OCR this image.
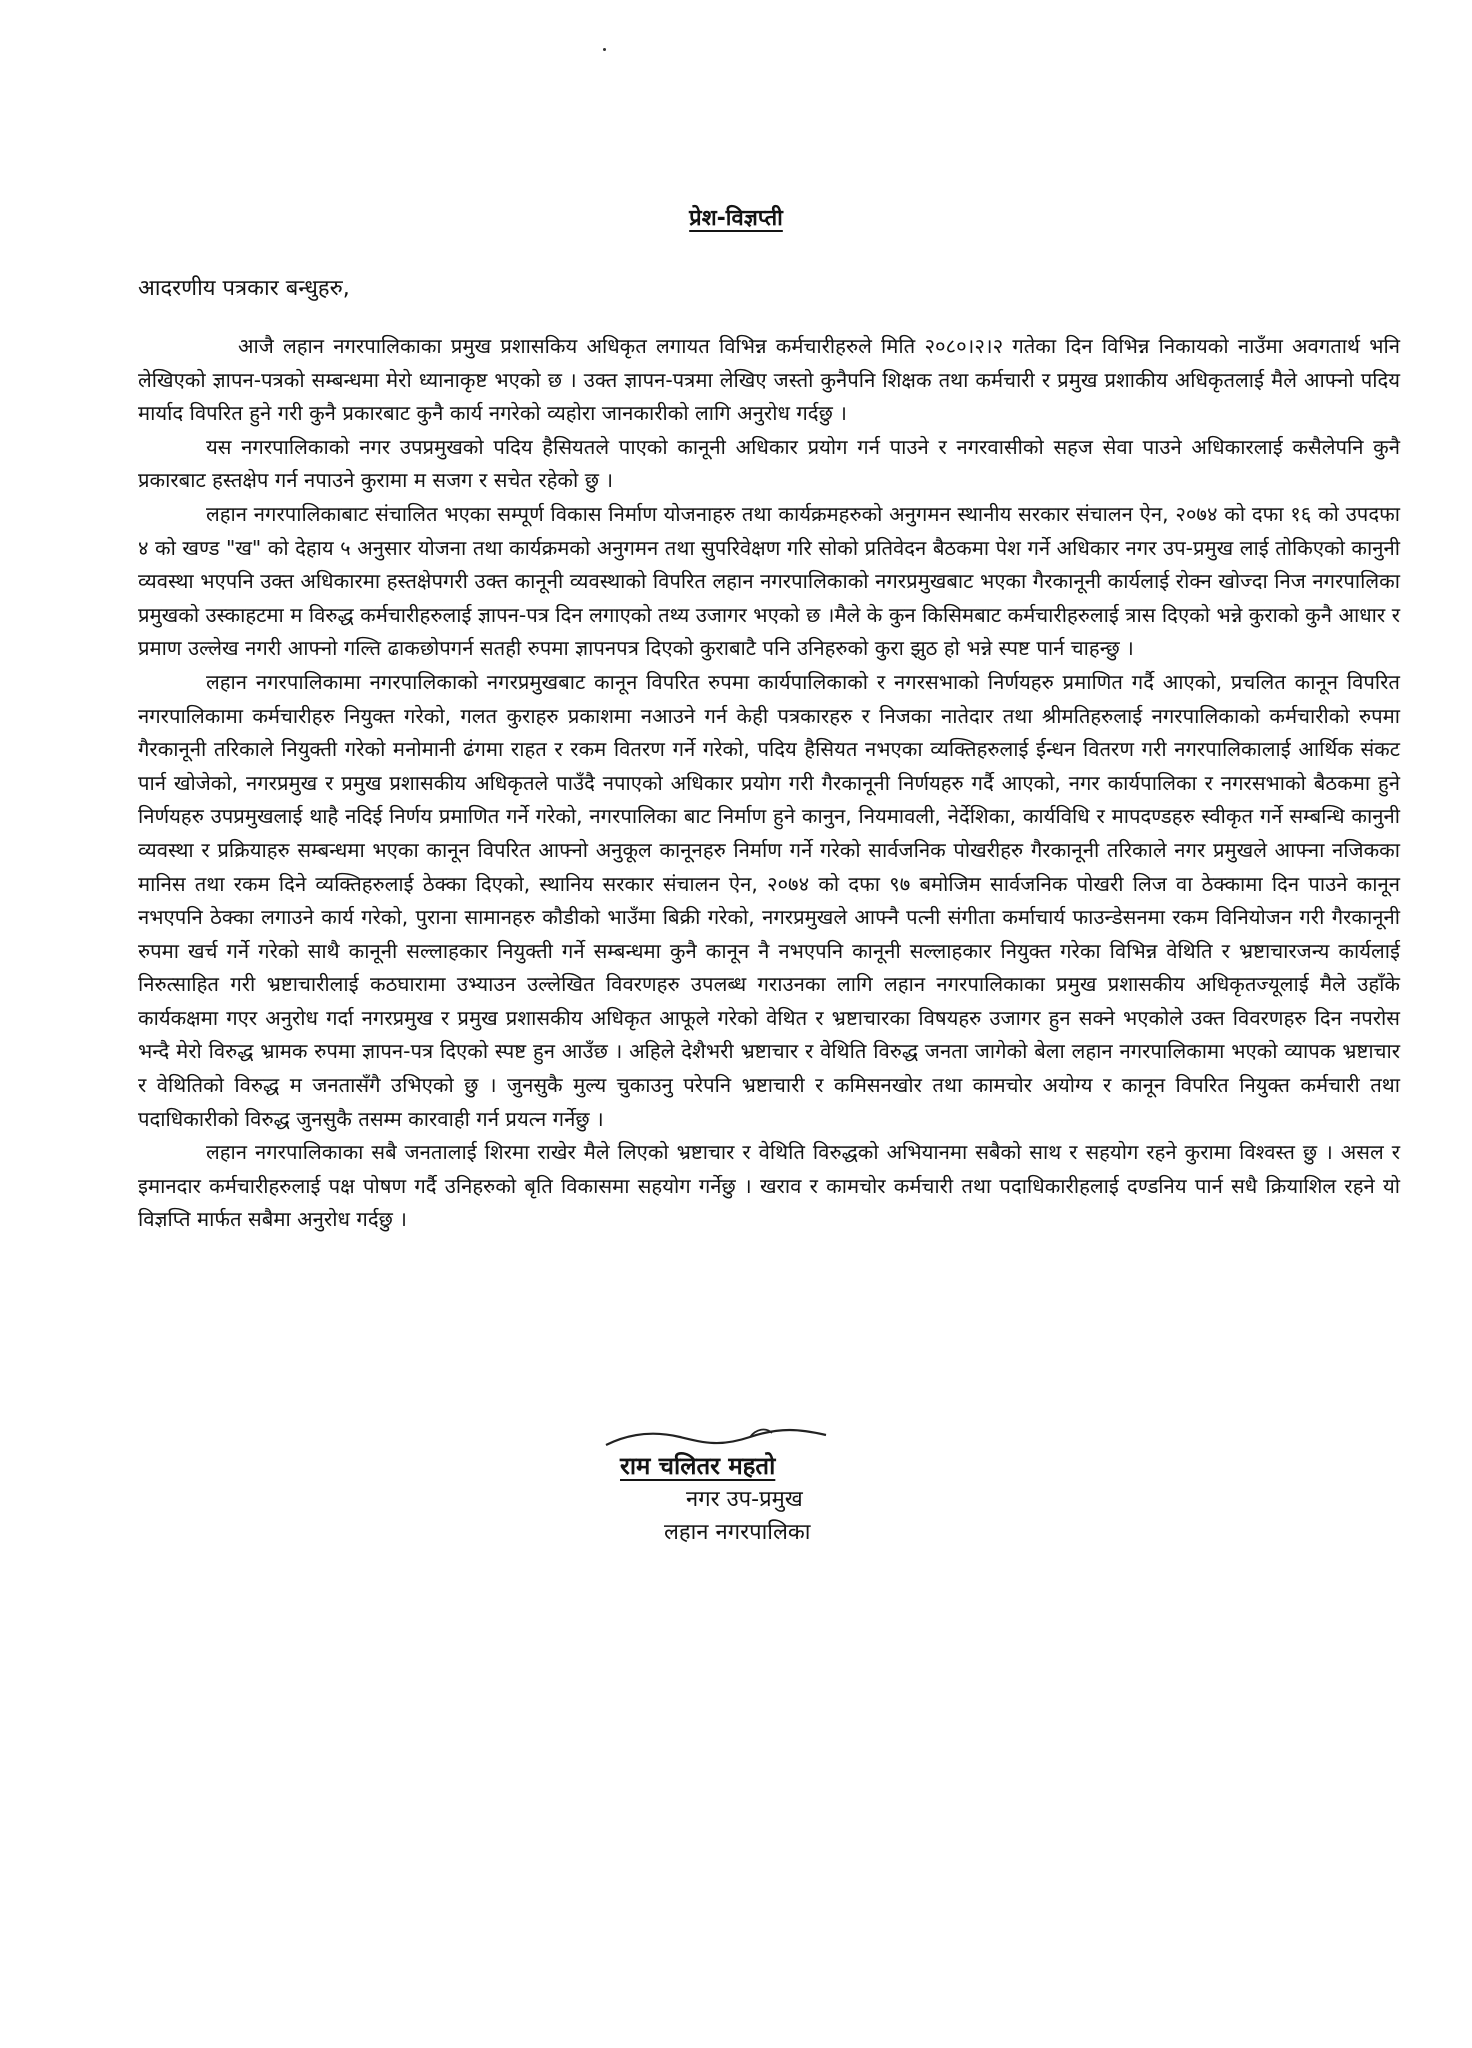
प्रेश-विज्ञप्ती
आदरणीय पत्रकार बन्धुहरु,

आजै लहान नगरपालिकाका प्रमुख प्रशासकिय अधिकृत लगायत विभिन्न कर्मचारीहरुले मिति २०८०।२।२ गतेका दिन विभिन्न निकायको नाउँमा अवगतार्थ भनि लेखिएको ज्ञापन-पत्रको सम्बन्धमा मेरो ध्यानाकृष्ट भएको छ । उक्त ज्ञापन-पत्रमा लेखिए जस्तो कुनैपनि शिक्षक तथा कर्मचारी र प्रमुख प्रशाकीय अधिकृतलाई मैले आफ्नो पदिय मार्याद विपरित हुने गरी कुनै प्रकारबाट कुनै कार्य नगरेको व्यहोरा जानकारीको लागि अनुरोध गर्दछु ।

यस नगरपालिकाको नगर उपप्रमुखको पदिय हैसियतले पाएको कानूनी अधिकार प्रयोग गर्न पाउने र नगरवासीको सहज सेवा पाउने अधिकारलाई कसैलेपनि कुनै प्रकारबाट हस्तक्षेप गर्न नपाउने कुरामा म सजग र सचेत रहेको छु ।

लहान नगरपालिकाबाट संचालित भएका सम्पूर्ण विकास निर्माण योजनाहरु तथा कार्यक्रमहरुको अनुगमन स्थानीय सरकार संचालन ऐन, २०७४ को दफा १६ को उपदफा ४ को खण्ड "ख" को देहाय ५ अनुसार योजना तथा कार्यक्रमको अनुगमन तथा सुपरिवेक्षण गरि सोको प्रतिवेदन बैठकमा पेश गर्ने अधिकार नगर उप-प्रमुख लाई तोकिएको कानुनी व्यवस्था भएपनि उक्त अधिकारमा हस्तक्षेपगरी उक्त कानूनी व्यवस्थाको विपरित लहान नगरपालिकाको नगरप्रमुखबाट भएका गैरकानूनी कार्यलाई रोक्न खोज्दा निज नगरपालिका प्रमुखको उस्काहटमा म विरुद्ध कर्मचारीहरुलाई ज्ञापन-पत्र दिन लगाएको तथ्य उजागर भएको छ ।मैले के कुन किसिमबाट कर्मचारीहरुलाई त्रास दिएको भन्ने कुराको कुनै आधार र प्रमाण उल्लेख नगरी आफ्नो गल्ति ढाकछोपगर्न सतही रुपमा ज्ञापनपत्र दिएको कुराबाटै पनि उनिहरुको कुरा झुठ हो भन्ने स्पष्ट पार्न चाहन्छु ।

लहान नगरपालिकामा नगरपालिकाको नगरप्रमुखबाट कानून विपरित रुपमा कार्यपालिकाको र नगरसभाको निर्णयहरु प्रमाणित गर्दै आएको, प्रचलित कानून विपरित नगरपालिकामा कर्मचारीहरु नियुक्त गरेको, गलत कुराहरु प्रकाशमा नआउने गर्न केही पत्रकारहरु र निजका नातेदार तथा श्रीमतिहरुलाई नगरपालिकाको कर्मचारीको रुपमा गैरकानूनी तरिकाले नियुक्ती गरेको मनोमानी ढंगमा राहत र रकम वितरण गर्ने गरेको, पदिय हैसियत नभएका व्यक्तिहरुलाई ईन्धन वितरण गरी नगरपालिकालाई आर्थिक संकट पार्न खोजेको, नगरप्रमुख र प्रमुख प्रशासकीय अधिकृतले पाउँदै नपाएको अधिकार प्रयोग गरी गैरकानूनी निर्णयहरु गर्दै आएको, नगर कार्यपालिका र नगरसभाको बैठकमा हुने निर्णयहरु उपप्रमुखलाई थाहै नदिई निर्णय प्रमाणित गर्ने गरेको, नगरपालिका बाट निर्माण हुने कानुन, नियमावली, नेर्देशिका, कार्यविधि र मापदण्डहरु स्वीकृत गर्ने सम्बन्धि कानुनी व्यवस्था र प्रक्रियाहरु सम्बन्धमा भएका कानून विपरित आफ्नो अनुकूल कानूनहरु निर्माण गर्ने गरेको सार्वजनिक पोखरीहरु गैरकानूनी तरिकाले नगर प्रमुखले आफ्ना नजिकका मानिस तथा रकम दिने व्यक्तिहरुलाई ठेक्का दिएको, स्थानिय सरकार संचालन ऐन, २०७४ को दफा ९७ बमोजिम सार्वजनिक पोखरी लिज वा ठेक्कामा दिन पाउने कानून नभएपनि ठेक्का लगाउने कार्य गरेको, पुराना सामानहरु कौडीको भाउँमा बिक्री गरेको, नगरप्रमुखले आफ्नै पत्नी संगीता कर्माचार्य फाउन्डेसनमा रकम विनियोजन गरी गैरकानूनी रुपमा खर्च गर्ने गरेको साथै कानूनी सल्लाहकार नियुक्ती गर्ने सम्बन्धमा कुनै कानून नै नभएपनि कानूनी सल्लाहकार नियुक्त गरेका विभिन्न वेथिति र भ्रष्टाचारजन्य कार्यलाई निरुत्साहित गरी भ्रष्टाचारीलाई कठघारामा उभ्याउन उल्लेखित विवरणहरु उपलब्ध गराउनका लागि लहान नगरपालिकाका प्रमुख प्रशासकीय अधिकृतज्यूलाई मैले उहाँके कार्यकक्षमा गएर अनुरोध गर्दा नगरप्रमुख र प्रमुख प्रशासकीय अधिकृत आफूले गरेको वेथित र भ्रष्टाचारका विषयहरु उजागर हुन सक्ने भएकोले उक्त विवरणहरु दिन नपरोस भन्दै मेरो विरुद्ध भ्रामक रुपमा ज्ञापन-पत्र दिएको स्पष्ट हुन आउँछ । अहिले देशैभरी भ्रष्टाचार र वेथिति विरुद्ध जनता जागेको बेला लहान नगरपालिकामा भएको व्यापक भ्रष्टाचार र वेथितिको विरुद्ध म जनतासँगै उभिएको छु । जुनसुकै मुल्य चुकाउनु परेपनि भ्रष्टाचारी र कमिसनखोर तथा कामचोर अयोग्य र कानून विपरित नियुक्त कर्मचारी तथा पदाधिकारीको विरुद्ध जुनसुकै तसम्म कारवाही गर्न प्रयत्न गर्नेछु ।

लहान नगरपालिकाका सबै जनतालाई शिरमा राखेर मैले लिएको भ्रष्टाचार र वेथिति विरुद्धको अभियानमा सबैको साथ र सहयोग रहने कुरामा विश्वस्त छु । असल र इमानदार कर्मचारीहरुलाई पक्ष पोषण गर्दै उनिहरुको बृति विकासमा सहयोग गर्नेछु । खराव र कामचोर कर्मचारी तथा पदाधिकारीहलाई दण्डनिय पार्न सधै क्रियाशिल रहने यो विज्ञप्ति मार्फत सबैमा अनुरोध गर्दछु ।

राम चलितर महतो
नगर उप-प्रमुख
लहान नगरपालिका
